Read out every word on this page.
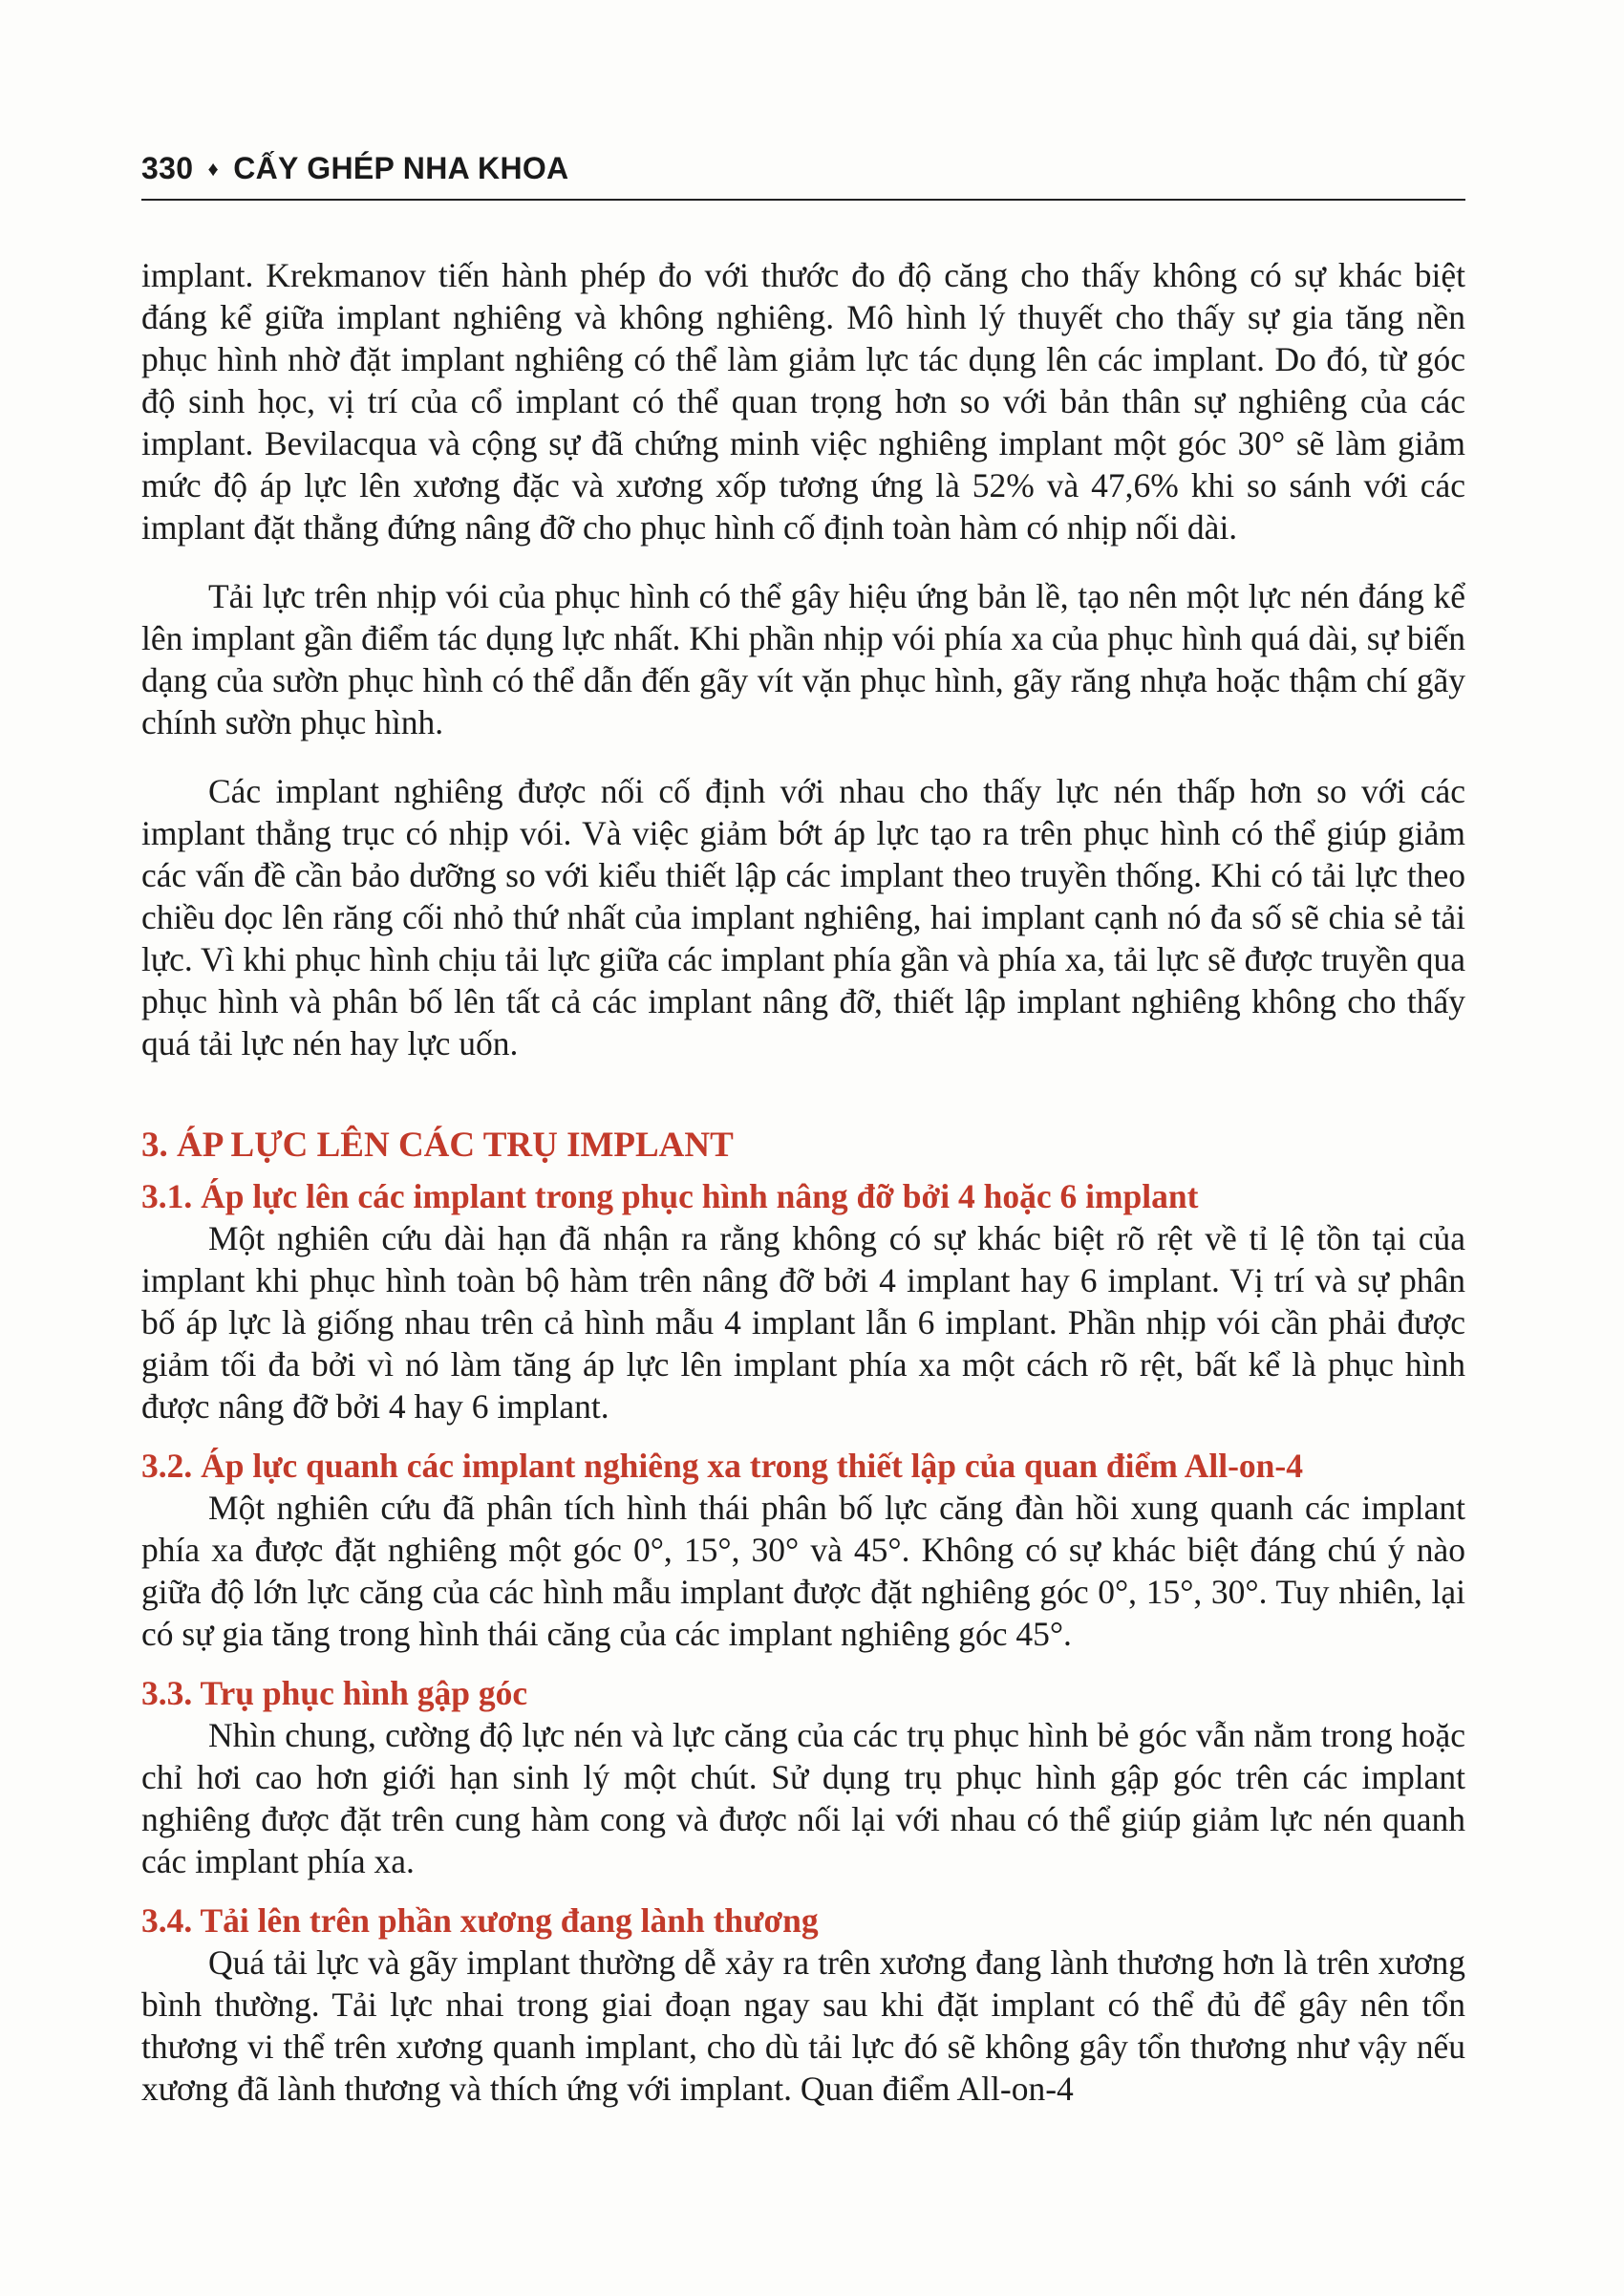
330 ♦ CẤY GHÉP NHA KHOA

implant. Krekmanov tiến hành phép đo với thước đo độ căng cho thấy không có sự khác biệt đáng kể giữa implant nghiêng và không nghiêng. Mô hình lý thuyết cho thấy sự gia tăng nền phục hình nhờ đặt implant nghiêng có thể làm giảm lực tác dụng lên các implant. Do đó, từ góc độ sinh học, vị trí của cổ implant có thể quan trọng hơn so với bản thân sự nghiêng của các implant. Bevilacqua và cộng sự đã chứng minh việc nghiêng implant một góc 30° sẽ làm giảm mức độ áp lực lên xương đặc và xương xốp tương ứng là 52% và 47,6% khi so sánh với các implant đặt thẳng đứng nâng đỡ cho phục hình cố định toàn hàm có nhịp nối dài.

Tải lực trên nhịp vói của phục hình có thể gây hiệu ứng bản lề, tạo nên một lực nén đáng kể lên implant gần điểm tác dụng lực nhất. Khi phần nhịp vói phía xa của phục hình quá dài, sự biến dạng của sườn phục hình có thể dẫn đến gãy vít vặn phục hình, gãy răng nhựa hoặc thậm chí gãy chính sườn phục hình.

Các implant nghiêng được nối cố định với nhau cho thấy lực nén thấp hơn so với các implant thẳng trục có nhịp vói. Và việc giảm bớt áp lực tạo ra trên phục hình có thể giúp giảm các vấn đề cần bảo dưỡng so với kiểu thiết lập các implant theo truyền thống. Khi có tải lực theo chiều dọc lên răng cối nhỏ thứ nhất của implant nghiêng, hai implant cạnh nó đa số sẽ chia sẻ tải lực. Vì khi phục hình chịu tải lực giữa các implant phía gần và phía xa, tải lực sẽ được truyền qua phục hình và phân bố lên tất cả các implant nâng đỡ, thiết lập implant nghiêng không cho thấy quá tải lực nén hay lực uốn.

3. ÁP LỰC LÊN CÁC TRỤ IMPLANT
3.1. Áp lực lên các implant trong phục hình nâng đỡ bởi 4 hoặc 6 implant

Một nghiên cứu dài hạn đã nhận ra rằng không có sự khác biệt rõ rệt về tỉ lệ tồn tại của implant khi phục hình toàn bộ hàm trên nâng đỡ bởi 4 implant hay 6 implant. Vị trí và sự phân bố áp lực là giống nhau trên cả hình mẫu 4 implant lẫn 6 implant. Phần nhịp vói cần phải được giảm tối đa bởi vì nó làm tăng áp lực lên implant phía xa một cách rõ rệt, bất kể là phục hình được nâng đỡ bởi 4 hay 6 implant.

3.2. Áp lực quanh các implant nghiêng xa trong thiết lập của quan điểm All-on-4

Một nghiên cứu đã phân tích hình thái phân bố lực căng đàn hồi xung quanh các implant phía xa được đặt nghiêng một góc 0°, 15°, 30° và 45°. Không có sự khác biệt đáng chú ý nào giữa độ lớn lực căng của các hình mẫu implant được đặt nghiêng góc 0°, 15°, 30°. Tuy nhiên, lại có sự gia tăng trong hình thái căng của các implant nghiêng góc 45°.

3.3. Trụ phục hình gập góc

Nhìn chung, cường độ lực nén và lực căng của các trụ phục hình bẻ góc vẫn nằm trong hoặc chỉ hơi cao hơn giới hạn sinh lý một chút. Sử dụng trụ phục hình gập góc trên các implant nghiêng được đặt trên cung hàm cong và được nối lại với nhau có thể giúp giảm lực nén quanh các implant phía xa.

3.4. Tải lên trên phần xương đang lành thương

Quá tải lực và gãy implant thường dễ xảy ra trên xương đang lành thương hơn là trên xương bình thường. Tải lực nhai trong giai đoạn ngay sau khi đặt implant có thể đủ để gây nên tổn thương vi thể trên xương quanh implant, cho dù tải lực đó sẽ không gây tổn thương như vậy nếu xương đã lành thương và thích ứng với implant. Quan điểm All-on-4
